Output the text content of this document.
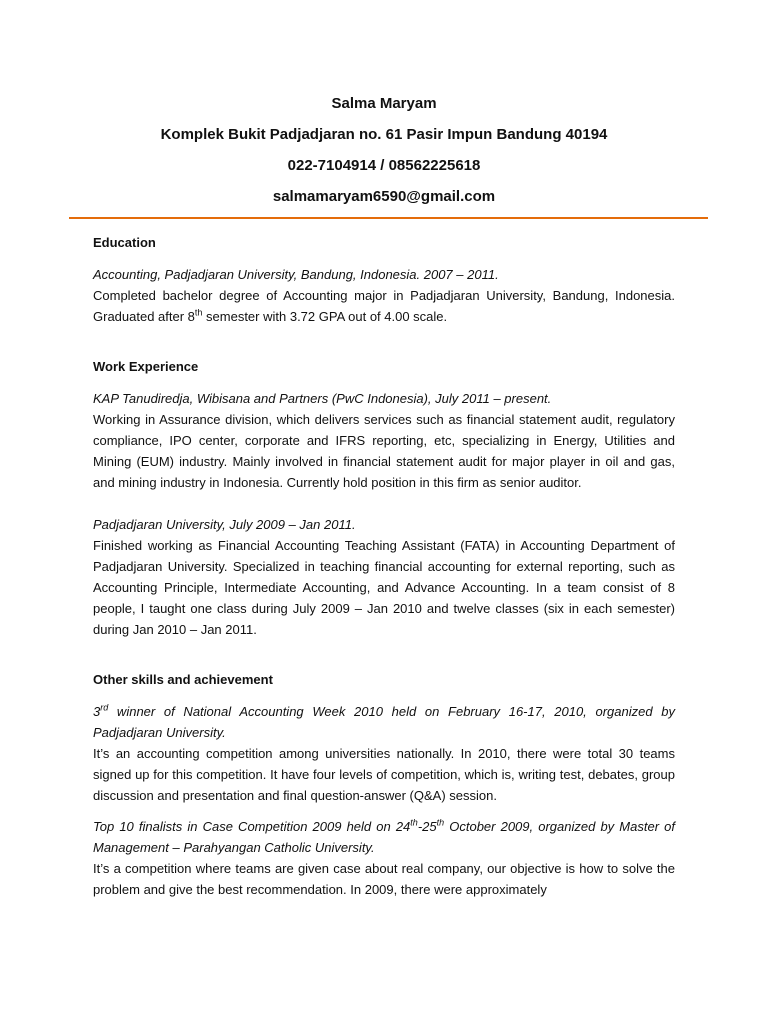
Salma Maryam
Komplek Bukit Padjadjaran no. 61 Pasir Impun Bandung 40194
022-7104914 / 08562225618
salmamaryam6590@gmail.com
Education

Accounting, Padjadjaran University, Bandung, Indonesia. 2007 – 2011.

Completed bachelor degree of Accounting major in Padjadjaran University, Bandung, Indonesia. Graduated after 8th semester with 3.72 GPA out of 4.00 scale.

Work Experience

KAP Tanudiredja, Wibisana and Partners (PwC Indonesia), July 2011 – present.

Working in Assurance division, which delivers services such as financial statement audit, regulatory compliance, IPO center, corporate and IFRS reporting, etc, specializing in Energy, Utilities and Mining (EUM) industry. Mainly involved in financial statement audit for major player in oil and gas, and mining industry in Indonesia. Currently hold position in this firm as senior auditor.

Padjadjaran University, July 2009 – Jan 2011.

Finished working as Financial Accounting Teaching Assistant (FATA) in Accounting Department of Padjadjaran University. Specialized in teaching financial accounting for external reporting, such as Accounting Principle, Intermediate Accounting, and Advance Accounting. In a team consist of 8 people, I taught one class during July 2009 – Jan 2010 and twelve classes (six in each semester) during Jan 2010 – Jan 2011.

Other skills and achievement

3rd winner of National Accounting Week 2010 held on February 16-17, 2010, organized by Padjadjaran University.

It’s an accounting competition among universities nationally. In 2010, there were total 30 teams signed up for this competition. It have four levels of competition, which is, writing test, debates, group discussion and presentation and final question-answer (Q&A) session.

Top 10 finalists in Case Competition 2009 held on 24th-25th October 2009, organized by Master of Management – Parahyangan Catholic University.

It’s a competition where teams are given case about real company, our objective is how to solve the problem and give the best recommendation. In 2009, there were approximately
